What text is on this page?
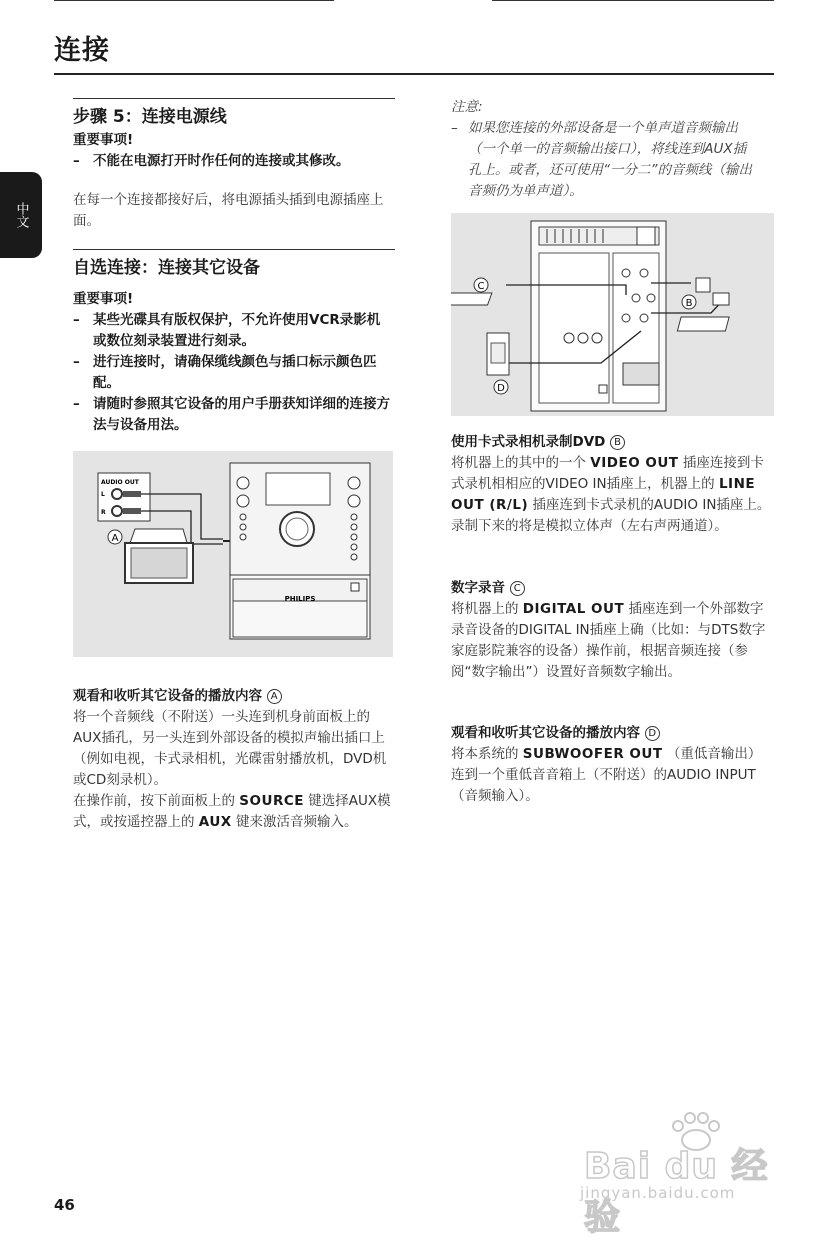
连接
中文
步骤 5：连接电源线
重要事项!
– 不能在电源打开时作任何的连接或其修改。

在每一个连接都接好后，将电源插头插到电源插座上面。

自选连接：连接其它设备
重要事项!
– 某些光碟具有版权保护，不允许使用VCR录影机或数位刻录装置进行刻录。
– 进行连接时，请确保缆线颜色与插口标示颜色匹配。
– 请随时参照其它设备的用户手册获知详细的连接方法与设备用法。
AUDIO OUT
L
R
A
PHILIPS
观看和收听其它设备的播放内容 A

将一个音频线（不附送）一头连到机身前面板上的AUX插孔，另一头连到外部设备的模拟声输出插口上（例如电视，卡式录相机，光碟雷射播放机，DVD机或CD刻录机）。

在操作前，按下前面板上的 SOURCE 键选择AUX模式，或按遥控器上的 AUX 键来激活音频输入。

注意:
– 如果您连接的外部设备是一个单声道音频输出（一个单一的音频输出接口），将线连到AUX插孔上。或者，还可使用“一分二”的音频线（输出音频仍为单声道）。
C
D
B
使用卡式录相机录制DVD B

将机器上的其中的一个 VIDEO OUT 插座连接到卡式录机相相应的VIDEO IN插座上，机器上的 LINE OUT (R/L) 插座连到卡式录机的AUDIO IN插座上。录制下来的将是模拟立体声（左右声两通道）。

数字录音 C

将机器上的 DIGITAL OUT 插座连到一个外部数字录音设备的DIGITAL IN插座上确（比如：与DTS数字家庭影院兼容的设备）操作前，根据音频连接（参阅“数字输出”）设置好音频数字输出。

观看和收听其它设备的播放内容 D

将本系统的 SUBWOOFER OUT （重低音输出）连到一个重低音音箱上（不附送）的AUDIO INPUT（音频输入）。

46
Bai du 经验
jingyan.baidu.com
